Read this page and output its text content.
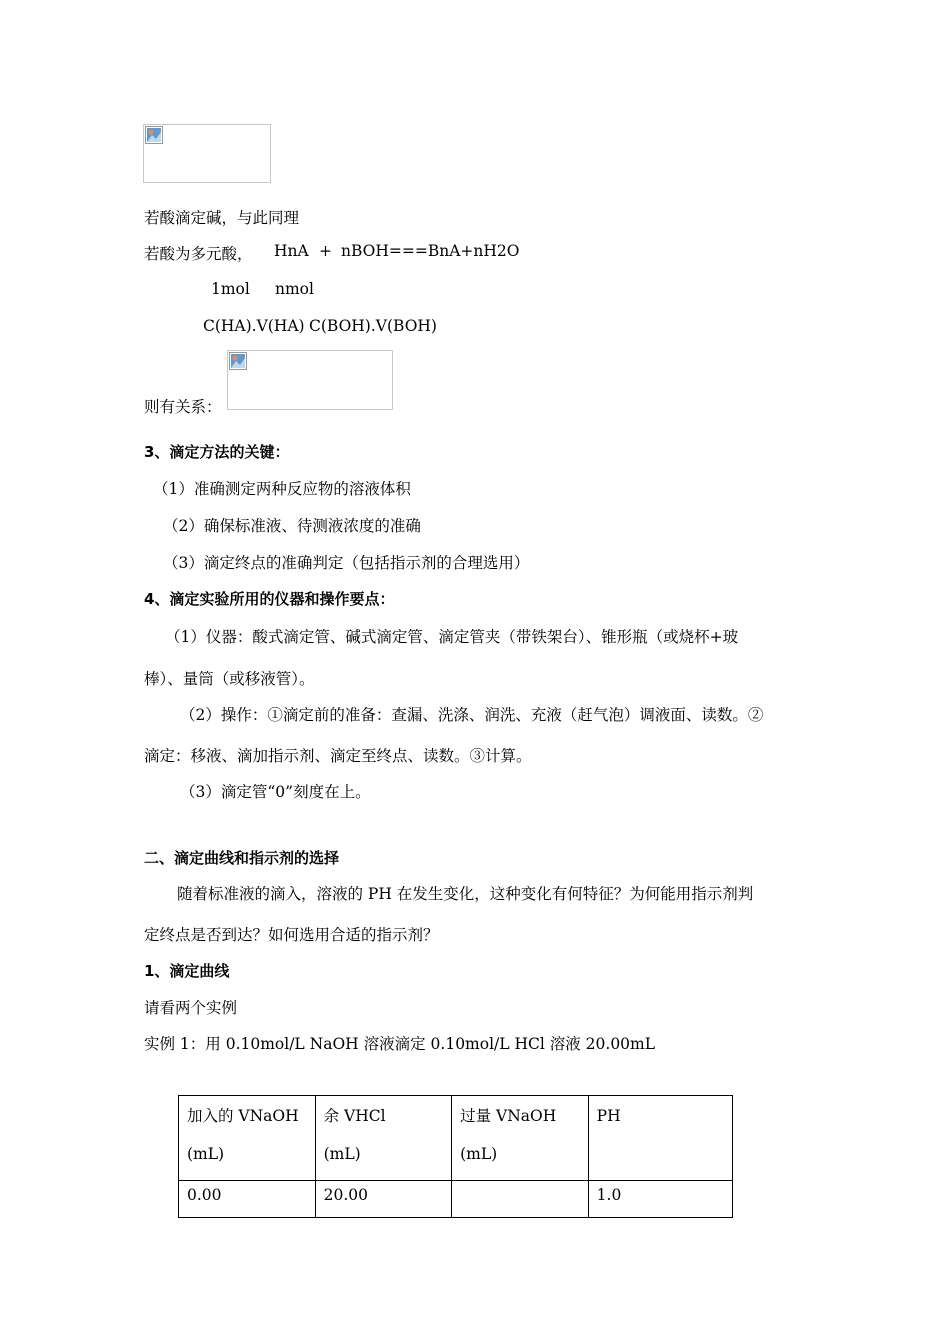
若酸滴定碱，与此同理
若酸为多元酸， HnA + nBOH===BnA+nH2O
1mol nmol
C(HA).V(HA) C(BOH).V(BOH)
则有关系：
3、滴定方法的关键：
（1）准确测定两种反应物的溶液体积
（2）确保标准液、待测液浓度的准确
（3）滴定终点的准确判定（包括指示剂的合理选用）
4、滴定实验所用的仪器和操作要点：
（1）仪器：酸式滴定管、碱式滴定管、滴定管夹（带铁架台）、锥形瓶（或烧杯+玻
棒）、量筒（或移液管）。
（2）操作：①滴定前的准备：查漏、洗涤、润洗、充液（赶气泡）调液面、读数。②
滴定：移液、滴加指示剂、滴定至终点、读数。③计算。
（3）滴定管“0”刻度在上。
二、滴定曲线和指示剂的选择
随着标准液的滴入，溶液的 PH 在发生变化，这种变化有何特征？为何能用指示剂判
定终点是否到达？如何选用合适的指示剂？
1、滴定曲线
请看两个实例
实例 1：用 0.10mol/L NaOH 溶液滴定 0.10mol/L HCl 溶液 20.00mL
加入的 VNaOH
(mL)	余 VHCl
(mL)	过量 VNaOH
(mL)	PH

0.00	20.00		1.0
